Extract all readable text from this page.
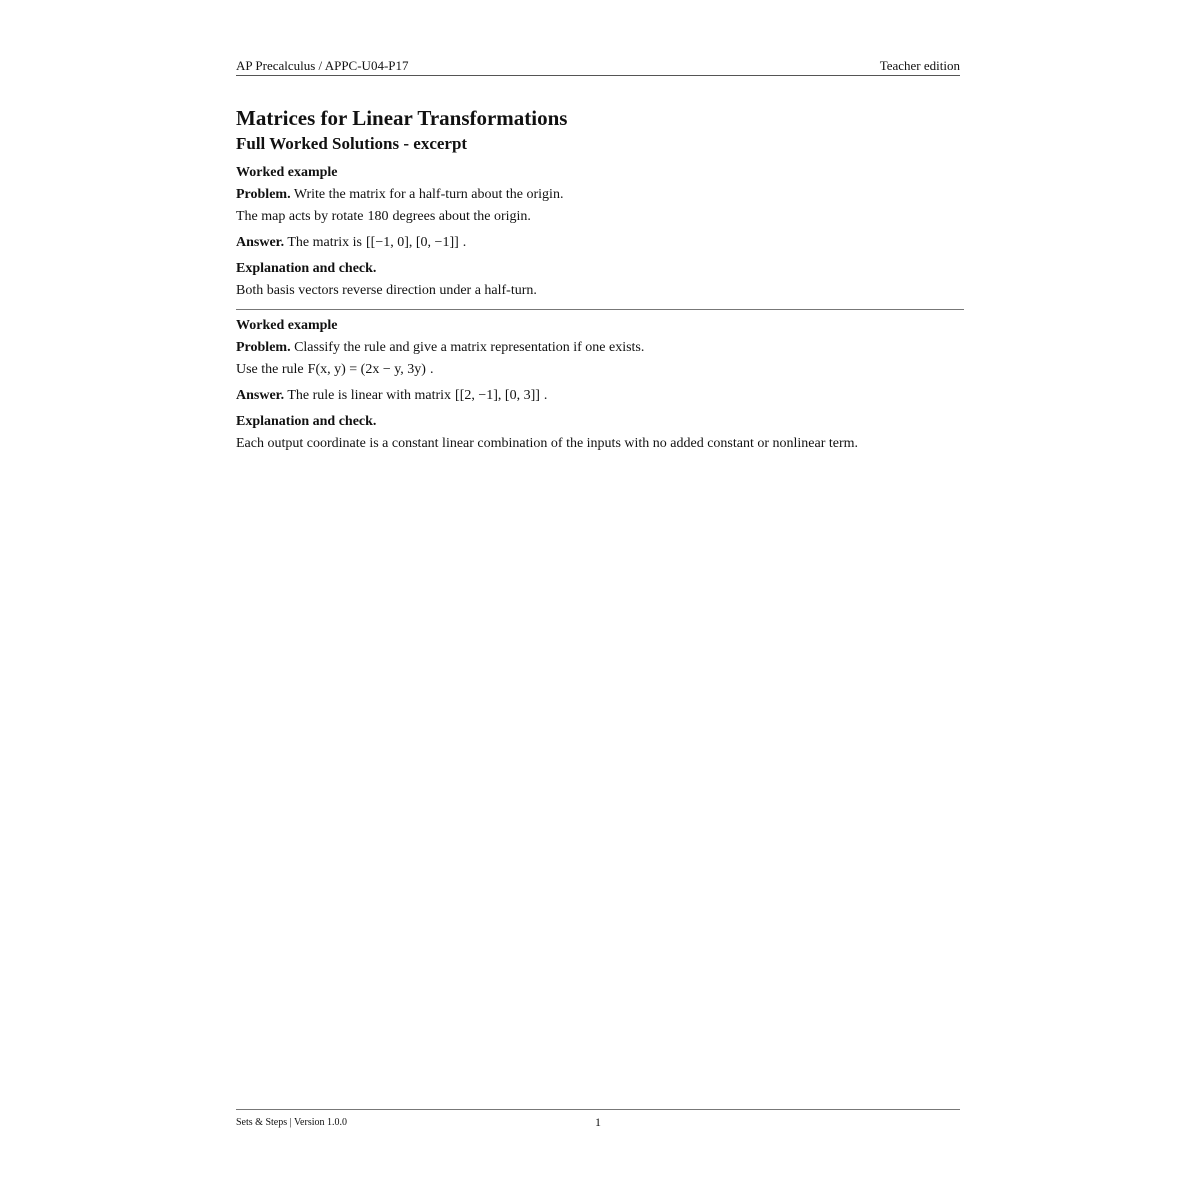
AP Precalculus / APPC-U04-P17	Teacher edition
Matrices for Linear Transformations
Full Worked Solutions - excerpt

Worked example

Problem. Write the matrix for a half-turn about the origin.

The map acts by rotate 180 degrees about the origin.

Answer. The matrix is [[−1, 0], [0, −1]] .

Explanation and check.

Both basis vectors reverse direction under a half-turn.

Worked example

Problem. Classify the rule and give a matrix representation if one exists.

Use the rule F(x, y) = (2x − y, 3y) .

Answer. The rule is linear with matrix [[2, −1], [0, 3]] .

Explanation and check.

Each output coordinate is a constant linear combination of the inputs with no added constant or nonlinear term.

Sets & Steps | Version 1.0.0	1
